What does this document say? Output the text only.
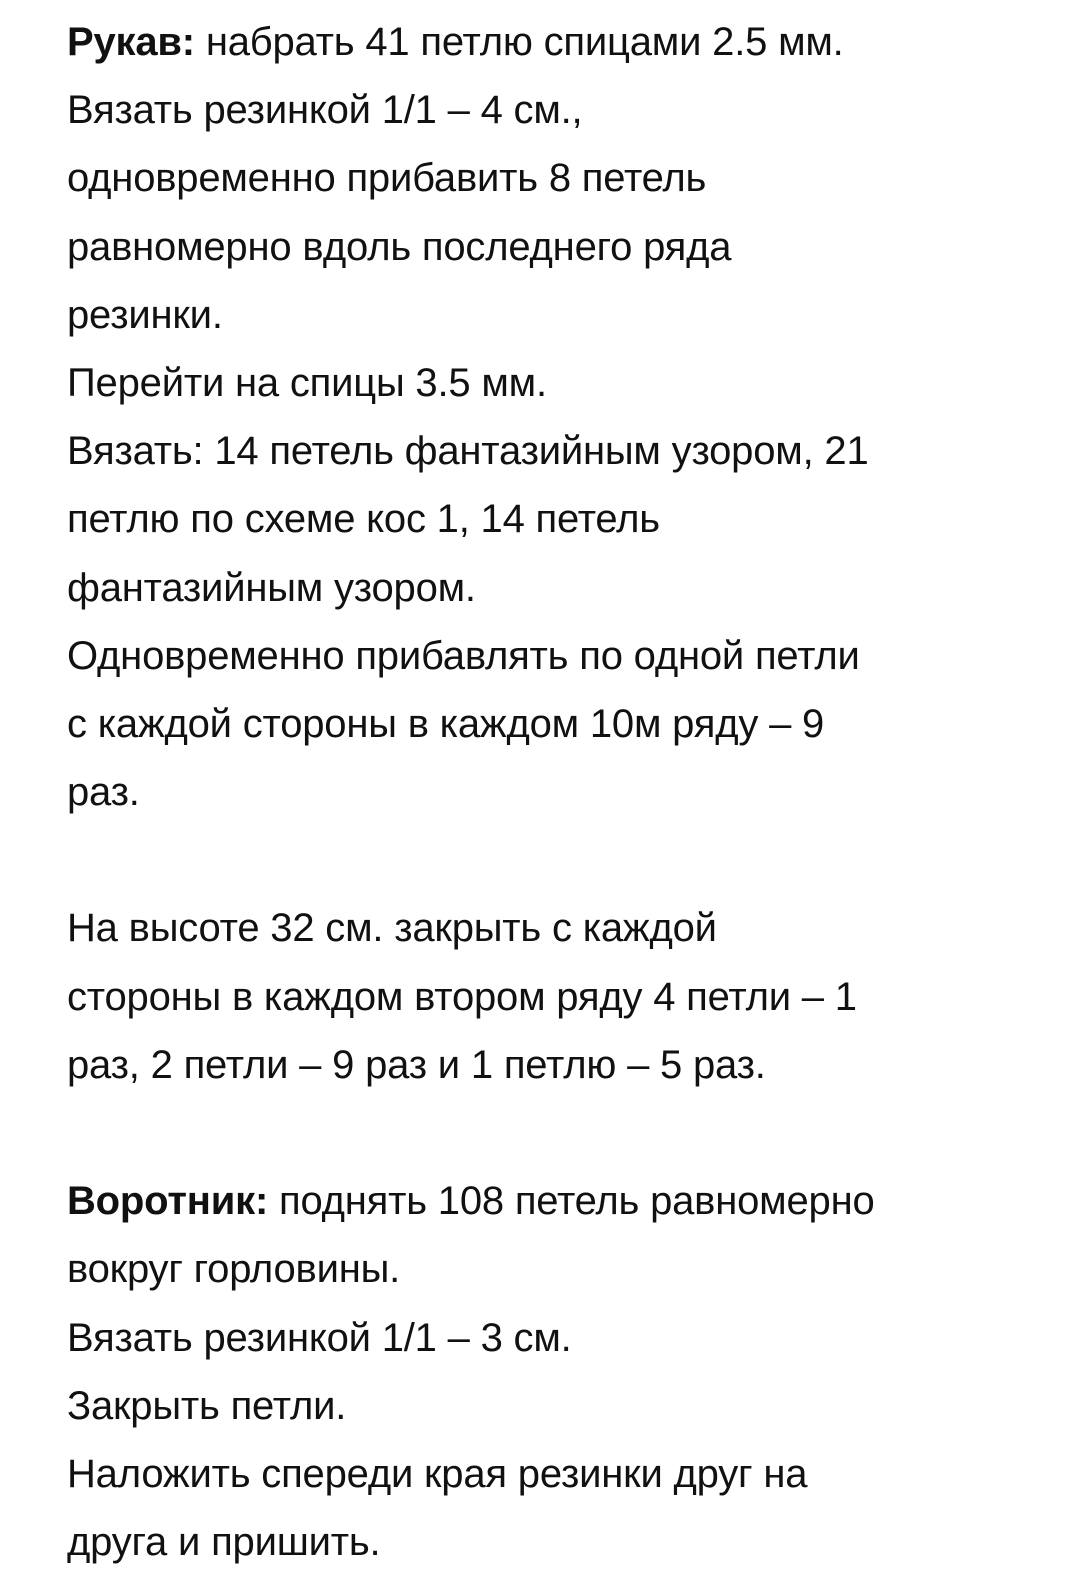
Рукав: набрать 41 петлю спицами 2.5 мм.
Вязать резинкой 1/1 – 4 см.,
одновременно прибавить 8 петель
равномерно вдоль последнего ряда
резинки.
Перейти на спицы 3.5 мм.
Вязать: 14 петель фантазийным узором, 21
петлю по схеме кос 1, 14 петель
фантазийным узором.
Одновременно прибавлять по одной петли
с каждой стороны в каждом 10м ряду – 9
раз.
На высоте 32 см. закрыть с каждой
стороны в каждом втором ряду 4 петли – 1
раз, 2 петли – 9 раз и 1 петлю – 5 раз.
Воротник: поднять 108 петель равномерно
вокруг горловины.
Вязать резинкой 1/1 – 3 см.
Закрыть петли.
Наложить спереди края резинки друг на
друга и пришить.
